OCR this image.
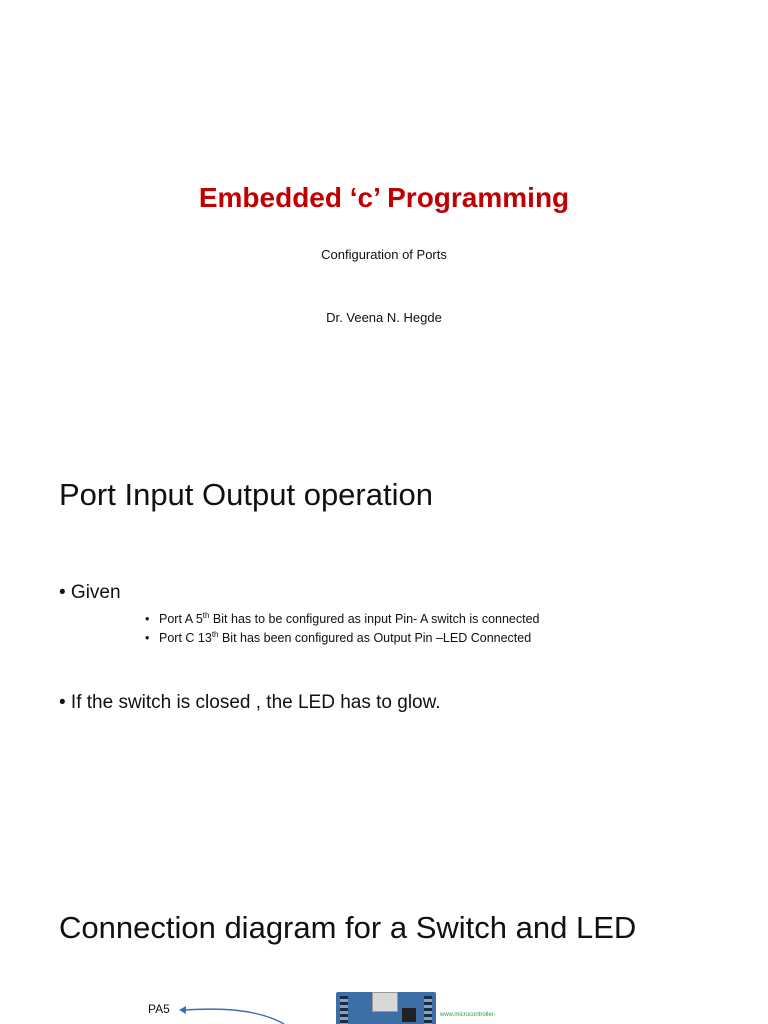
Embedded ‘c’ Programming
Configuration of Ports
Dr. Veena N. Hegde
Port Input Output operation
• Given
• Port A 5th Bit has to be configured as input Pin- A switch is connected
• Port C 13th Bit has been configured as Output Pin –LED Connected
• If the switch is closed , the LED has to glow.
Connection diagram for a Switch and LED
PA5	www.microcontroller-
